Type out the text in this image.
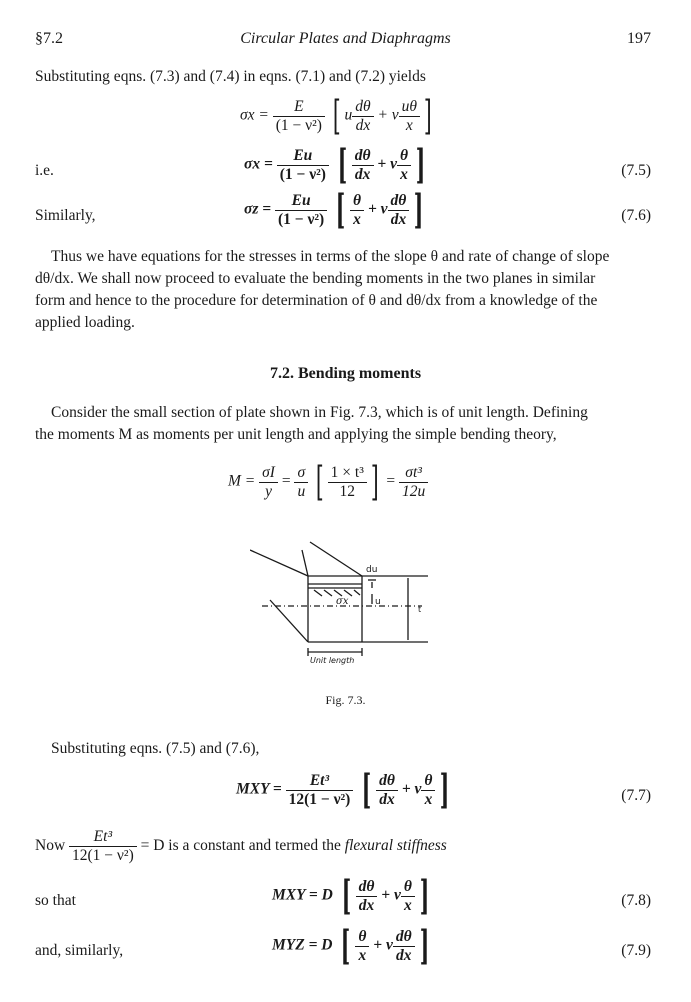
§7.2	Circular Plates and Diaphragms	197
Substituting eqns. (7.3) and (7.4) in eqns. (7.1) and (7.2) yields
$\sigma x = \frac{E}{\text{(1 − ν²)}}$ [ u $\frac{d\theta}{dx} + \nu \frac{u\theta}{x}$ ]
i.e.	$\sigma x = \frac{Eu}{\text{(1 − ν²)}}$ [ $\frac{d\theta}{dx} + \nu \frac{\theta}{x}$ ]	(7.5)
Similarly,	$\sigma z = \frac{Eu}{\text{(1 − ν²)}}$ [ $\frac{\theta}{x} + \nu \frac{d\theta}{dx}$ ]	(7.6)
Thus we have equations for the stresses in terms of the slope θ and rate of change of slope
dθ/dx. We shall now proceed to evaluate the bending moments in the two planes in similar
form and hence to the procedure for determination of θ and dθ/dx from a knowledge of the
applied loading.
7.2. Bending moments
Consider the small section of plate shown in Fig. 7.3, which is of unit length. Defining
the moments M as moments per unit length and applying the simple bending theory,
$M = \frac{\sigma I}{y} = \frac{\sigma}{u}$ [ $\frac{\text{1 × t³}}{12}$ ] = $\frac{\text{σt³}}{12u}$
du
σx	u
t
Unit length
Fig. 7.3.
Substituting eqns. (7.5) and (7.6),
MXY = $\frac{\text{Et³}}{\text{12(1 − ν²)}}$ [ $\frac{d\theta}{dx} + \nu \frac{\theta}{x}$ ]	(7.7)
Now $\frac{\text{Et³}}{\text{12(1 − ν²)}} = D$ is a constant and termed the flexural stiffness
so that	MXY = D [ $\frac{d\theta}{dx} + \nu \frac{\theta}{x}$ ]	(7.8)
and, similarly,	MYZ = D [ $\frac{\theta}{x} + \nu \frac{d\theta}{dx}$ ]	(7.9)
